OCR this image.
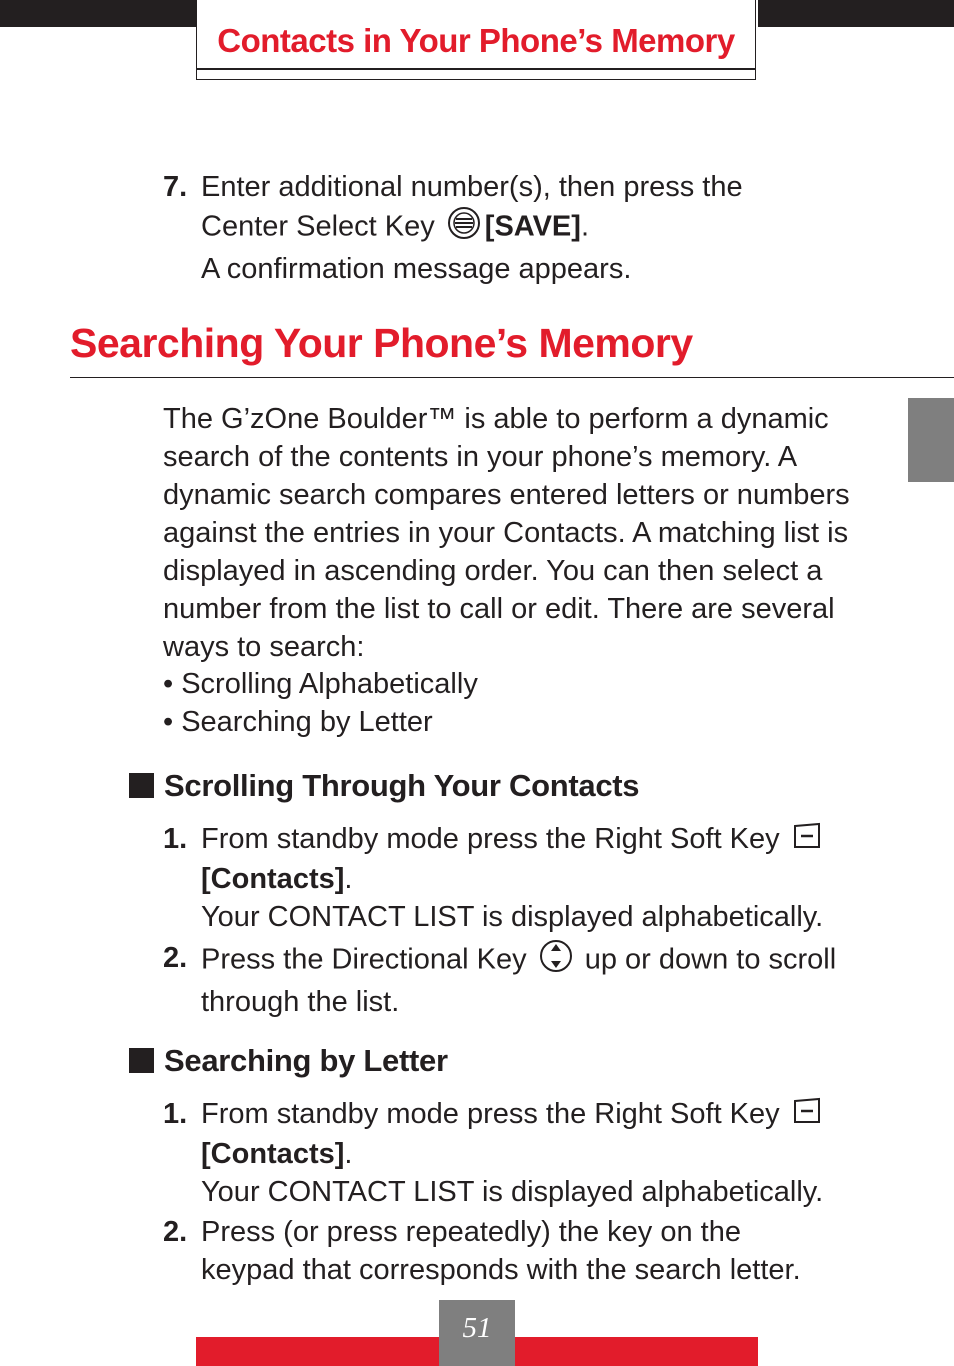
Contacts in Your Phone’s Memory
7. Enter additional number(s), then press the
Center Select Key [SAVE].
A confirmation message appears.
Searching Your Phone’s Memory

The G’zOne Boulder™ is able to perform a dynamic

search of the contents in your phone’s memory. A

dynamic search compares entered letters or numbers

against the entries in your Contacts. A matching list is

displayed in ascending order. You can then select a

number from the list to call or edit. There are several

ways to search:

• Scrolling Alphabetically
• Searching by Letter
Scrolling Through Your Contacts
1. From standby mode press the Right Soft Key
[Contacts].
Your CONTACT LIST is displayed alphabetically.
2. Press the Directional Key up or down to scroll
through the list.
Searching by Letter
1. From standby mode press the Right Soft Key
[Contacts].
Your CONTACT LIST is displayed alphabetically.
2. Press (or press repeatedly) the key on the
keypad that corresponds with the search letter.
51
